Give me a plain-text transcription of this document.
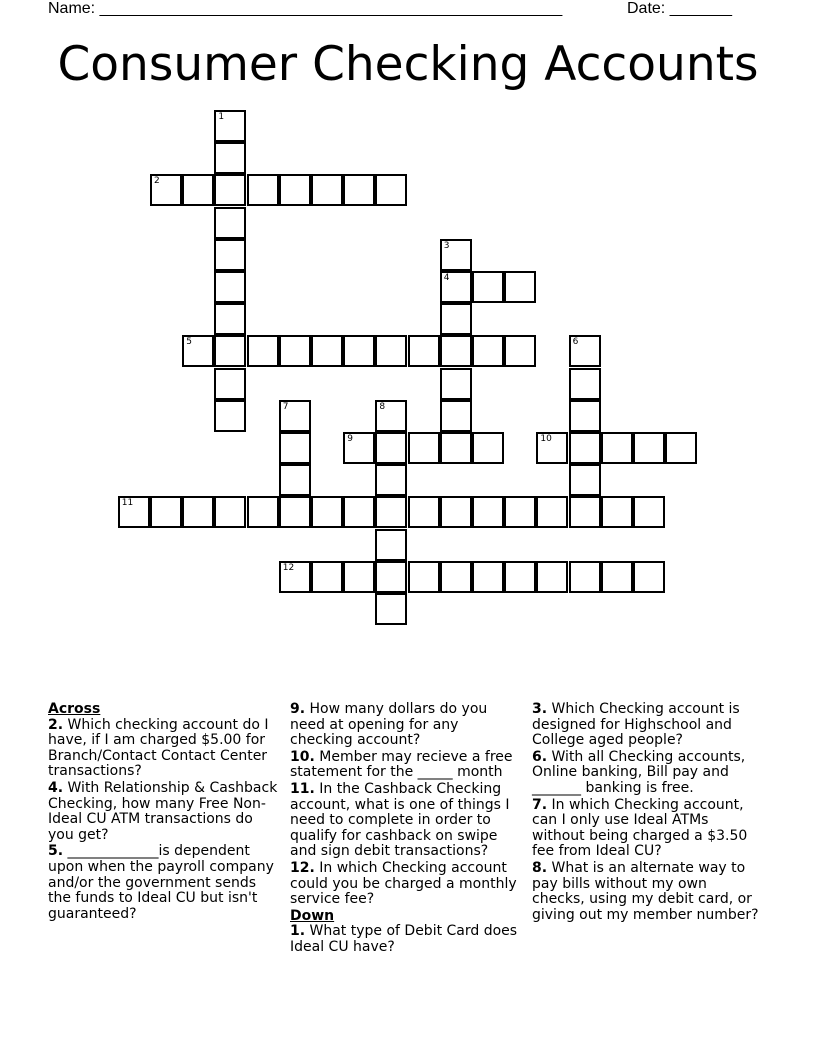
Name: ____________________________________________________	Date: _______
Consumer Checking Accounts
1
2
3
4
5	6
7	8
9	10
11
12
Across
2. Which checking account do I have, if I am charged $5.00 for Branch/Contact Contact Center transactions?
4. With Relationship & Cashback Checking, how many Free Non-Ideal CU ATM transactions do you get?
5. _____________is dependent upon when the payroll company and/or the government sends the funds to Ideal CU but isn't guaranteed?
9. How many dollars do you need at opening for any checking account?
10. Member may recieve a free statement for the _____ month
11. In the Cashback Checking account, what is one of things I need to complete in order to qualify for cashback on swipe and sign debit transactions?
12. In which Checking account could you be charged a monthly service fee?
Down
1. What type of Debit Card does Ideal CU have?
3. Which Checking account is designed for Highschool and College aged people?
6. With all Checking accounts, Online banking, Bill pay and _______ banking is free.
7. In which Checking account, can I only use Ideal ATMs without being charged a $3.50 fee from Ideal CU?
8. What is an alternate way to pay bills without my own checks, using my debit card, or giving out my member number?
